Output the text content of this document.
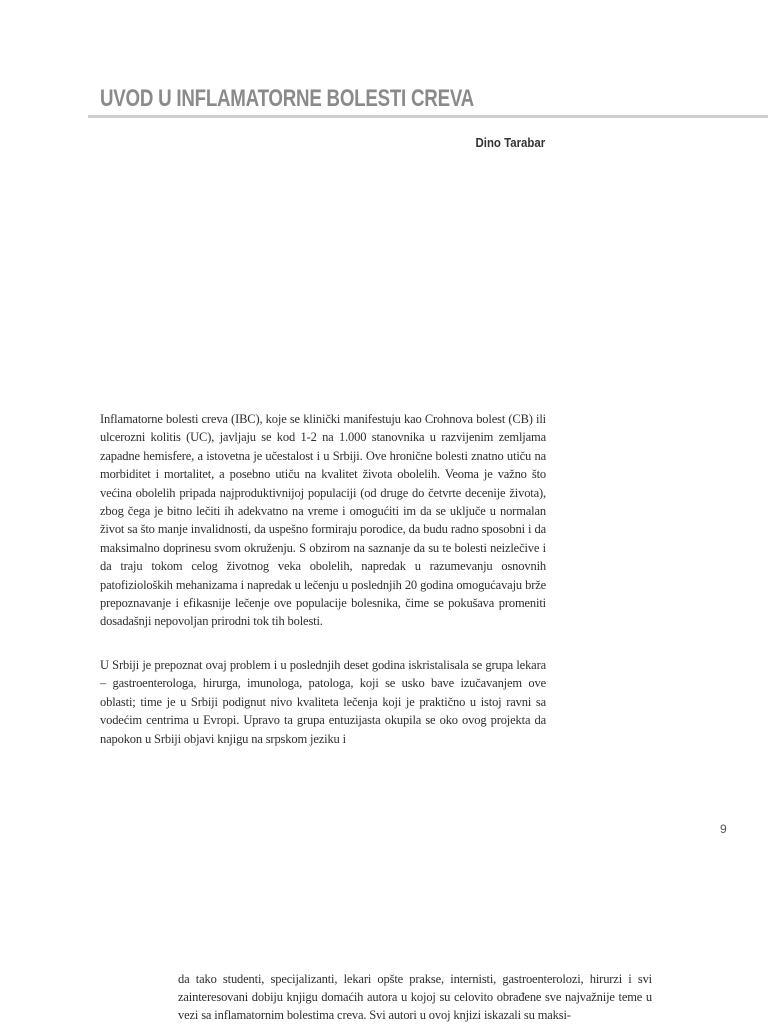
UVOD U INFLAMATORNE BOLESTI CREVA
Dino Tarabar

Inflamatorne bolesti creva (IBC), koje se klinički manifestuju kao Crohnova bolest (CB) ili ulcerozni kolitis (UC), javljaju se kod 1-2 na 1.000 stanovnika u razvijenim zemljama zapadne hemisfere, a istovetna je učestalost i u Srbiji. Ove hronične bolesti znatno utiču na morbiditet i mortalitet, a posebno utiču na kvalitet života obolelih. Veoma je važno što većina obolelih pripada najproduktivnijoj populaciji (od druge do četvrte decenije života), zbog čega je bitno lečiti ih adekvatno na vreme i omogućiti im da se uključe u normalan život sa što manje invalidnosti, da uspešno formiraju porodice, da budu radno sposobni i da maksimalno doprinesu svom okruženju. S obzirom na saznanje da su te bolesti neizlečive i da traju tokom celog životnog veka obolelih, napredak u razumevanju osnovnih patofizioloških mehanizama i napredak u lečenju u poslednjih 20 godina omogućavaju brže prepoznavanje i efikasnije lečenje ove populacije bolesnika, čime se pokušava promeniti dosadašnji nepovoljan prirodni tok tih bolesti.

U Srbiji je prepoznat ovaj problem i u poslednjih deset godina iskristalisala se grupa lekara – gastroenterologa, hirurga, imunologa, patologa, koji se usko bave izučavanjem ove oblasti; time je u Srbiji podignut nivo kvaliteta lečenja koji je praktično u istoj ravni sa vodećim centrima u Evropi. Upravo ta grupa entuzijasta okupila se oko ovog projekta da napokon u Srbiji objavi knjigu na srpskom jeziku i

9

da tako studenti, specijalizanti, lekari opšte prakse, internisti, gastroenterolozi, hirurzi i svi zainteresovani dobiju knjigu domaćih autora u kojoj su celovito obrađene sve najvažnije teme u vezi sa inflamatornim bolestima creva. Svi autori u ovoj knjizi iskazali su maksi-
